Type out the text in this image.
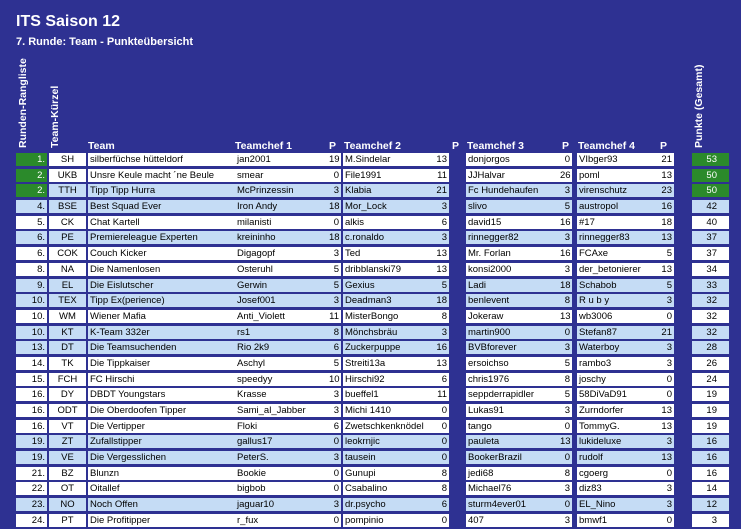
ITS Saison 12
7. Runde: Team - Punkteübersicht
Runden-Rangliste Team-Kürzel	Team	Teamchef 1	P Teamchef 2	P Teamchef 3	P Teamchef 4 P Punkte (Gesamt)
1.	SH	silberfüchse hütteldorf	jan2001	19 M.Sindelar	13 donjorgos	0 VIbger93	21	53
2.	UKB	Unsre Keule macht ´ne Beule	smear	0 File1991	11 JJHalvar	26 poml	13	50
2.	TTH	Tipp Tipp Hurra	McPrinzessin	3 Klabia	21 Fc Hundehaufen	3 virenschutz	23	50
4.	BSE	Best Squad Ever	Iron Andy	18 Mor_Lock	3 slivo	5 austropol	16	42
5.	CK	Chat Kartell	milanisti	0 alkis	6 david15	16 #17	18	40
6.	PE	Premiereleague Experten	kreininho	18 c.ronaldo	3 rinnegger82	3 rinnegger83	13	37
6.	COK	Couch Kicker	Digagopf	3 Ted	13 Mr. Forlan	16 FCAxe	5	37
8.	NA	Die Namenlosen	Osteruhl	5 dribblanski79	13 konsi2000	3 der_betonierer	13	34
9.	EL	Die Eislutscher	Gerwin	5 Gexius	5 Ladi	18 Schabob	5	33
10.	TEX	Tipp Ex(perience)	Josef001	3 Deadman3	18 benlevent	8 R u b y	3	32
10.	WM	Wiener Mafia	Anti_Violett	11 MisterBongo	8 Jokeraw	13 wb3006	0	32
10.	KT	K-Team 332er	rs1	8 Mönchsbräu	3 martin900	0 Stefan87	21	32
13.	DT	Die Teamsuchenden	Rio 2k9	6 Zuckerpuppe	16 BVBforever	3 Waterboy	3	28
14.	TK	Die Tippkaiser	Aschyl	5 Streiti13a	13 ersoichso	5 rambo3	3	26
15.	FCH	FC Hirschi	speedyy	10 Hirschi92	6 chris1976	8 joschy	0	24
16.	DY	DBDT Youngstars	Krasse	3 bueffel1	11 seppderrapidler	5 58DiVaD91	0	19
16.	ODT	Die Oberdoofen Tipper	Sami_al_Jabber	3 Michi 1410	0 Lukas91	3 Zurndorfer	13	19
16.	VT	Die Vertipper	Floki	6 Zwetschkenknödel	0 tango	0 TommyG.	13	19
19.	ZT	Zufallstipper	gallus17	0 leokrnjic	0 pauleta	13 lukideluxe	3	16
19.	VE	Die Vergesslichen	PeterS.	3 tausein	0 BookerBrazil	0 rudolf	13	16
21.	BZ	Blunzn	Bookie	0 Gunupi	8 jedi68	8 cgoerg	0	16
22.	OT	Oitallef	bigbob	0 Csabalino	8 Michael76	3 diz83	3	14
23.	NO	Noch Offen	jaguar10	3 dr.psycho	6 sturm4ever01	0 EL_Nino	3	12
24.	PT	Die Profitipper	r_fux	0 pompinio	0 407	3 bmwf1	0	3
